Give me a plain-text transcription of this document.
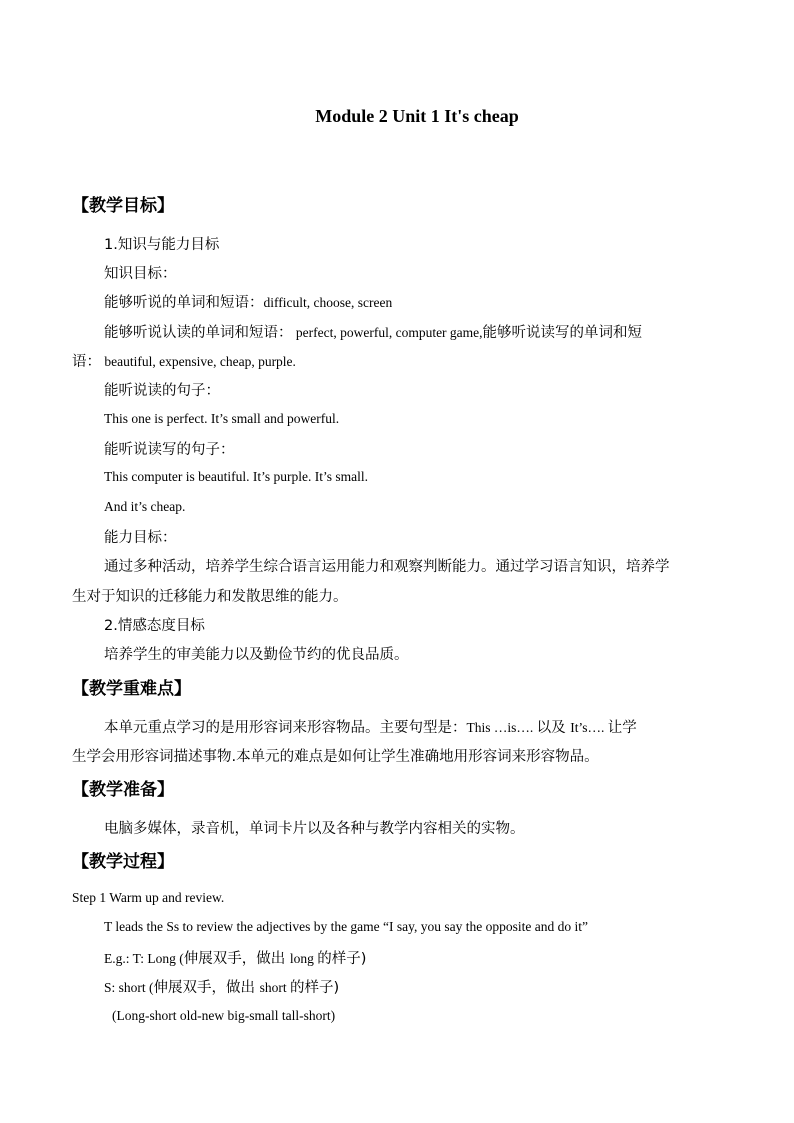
Module 2 Unit 1 It's cheap
【教学目标】
1.知识与能力目标
知识目标：
能够听说的单词和短语：difficult, choose, screen
能够听说认读的单词和短语： perfect, powerful, computer game,能够听说读写的单词和短
语： beautiful, expensive, cheap, purple.
能听说读的句子：
This one is perfect. It’s small and powerful.
能听说读写的句子：
This computer is beautiful. It’s purple. It’s small.
And it’s cheap.
能力目标：
通过多种活动，培养学生综合语言运用能力和观察判断能力。通过学习语言知识，培养学
生对于知识的迁移能力和发散思维的能力。
2.情感态度目标
培养学生的审美能力以及勤俭节约的优良品质。
【教学重难点】
本单元重点学习的是用形容词来形容物品。主要句型是：This …is…. 以及 It’s…. 让学
生学会用形容词描述事物.本单元的难点是如何让学生准确地用形容词来形容物品。
【教学准备】
电脑多媒体，录音机，单词卡片以及各种与教学内容相关的实物。
【教学过程】
Step 1 Warm up and review.
T leads the Ss to review the adjectives by the game “I say, you say the opposite and do it”
E.g.: T: Long (伸展双手，做出 long 的样子)
S: short (伸展双手，做出 short 的样子)
(Long-short old-new big-small tall-short)
